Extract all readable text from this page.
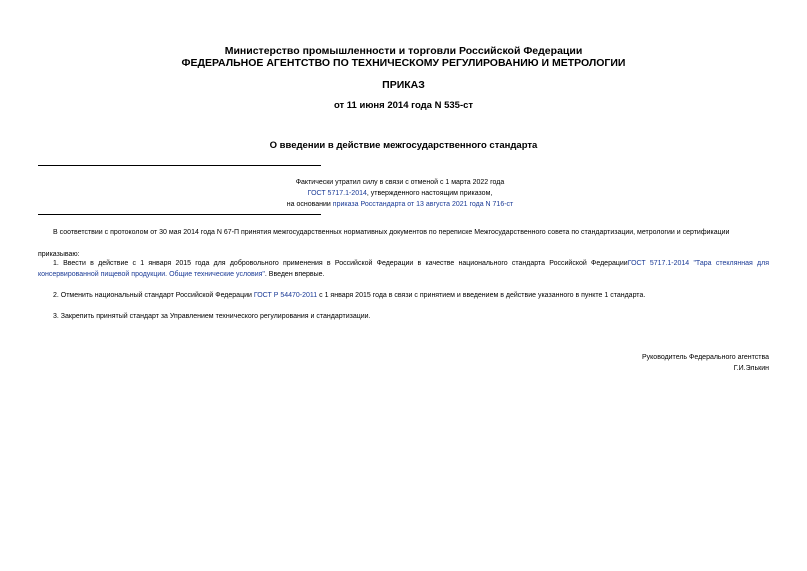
Министерство промышленности и торговли Российской Федерации
ФЕДЕРАЛЬНОЕ АГЕНТСТВО ПО ТЕХНИЧЕСКОМУ РЕГУЛИРОВАНИЮ И МЕТРОЛОГИИ
ПРИКАЗ
от 11 июня 2014 года N 535-ст
О введении в действие межгосударственного стандарта
Фактически утратил силу в связи с отменой с 1 марта 2022 года
ГОСТ 5717.1-2014, утвержденного настоящим приказом,
на основании приказа Росстандарта от 13 августа 2021 года N 716-ст
В соответствии с протоколом от 30 мая 2014 года N 67-П принятия межгосударственных нормативных документов по переписке Межгосударственного совета по стандартизации, метрологии и сертификации
приказываю:
1. Ввести в действие с 1 января 2015 года для добровольного применения в Российской Федерации в качестве национального стандарта Российской ФедерацииГОСТ 5717.1-2014 "Тара стеклянная для консервированной пищевой продукции. Общие технические условия". Введен впервые.
2. Отменить национальный стандарт Российской Федерации ГОСТ Р 54470-2011 с 1 января 2015 года в связи с принятием и введением в действие указанного в пункте 1 стандарта.
3. Закрепить принятый стандарт за Управлением технического регулирования и стандартизации.
Руководитель Федерального агентства
Г.И.Элькин
